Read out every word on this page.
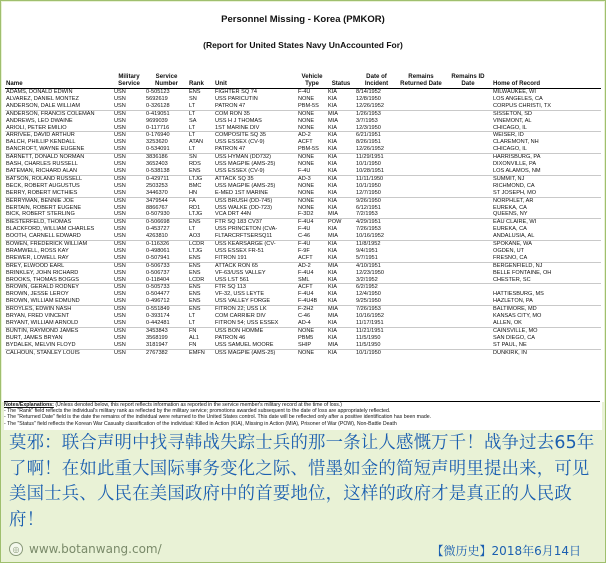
Personnel Missing - Korea (PMKOR)
(Report for United States Navy UnAccounted For)
Name	Military Service	Service Number	Rank	Unit	Vehicle Type	Status	Date of Incident	Remains Returned Date	Remains ID Date	Home of Record
ADAMS, DONALD EDWIN	USN	0-505123	ENS	FIGHTER SQ 74	F-4U	KIA	8/14/1952			MILWAUKEE, WI
ALVAREZ, DANIEL MONTEZ	USN	5692619	SN	USS PARICUTIN	NONE	KIA	12/8/1950			LOS ANGELES, CA
ANDERSON, DALE WILLIAM	USN	0-326128	LT	PATRON 47	PBM-5S	KIA	12/26/1952			CORPUS CHRISTI, TX
ANDERSON, FRANCIS COLEMAN	USN	0-419051	LT	COM RON 35	NONE	MIA	1/26/1953			SISSETON, SD
ANDREWS, LEO DWAINE	USN	9699039	SA	USS H J THOMAS	NONE	MIA	3/7/1953			VINEMONT, AL
ARIOLI, PETER EMILIO	USN	0-117716	LT	1ST MARINE DIV	NONE	KIA	12/3/1950			CHICAGO, IL
ARRIVEE, DAVID ARTHUR	USN	0-176940	LT	COMPOSITE SQ 35	AD-2	KIA	6/21/1951			WEISER, ID
BALCH, PHILLIP KENDALL	USN	3253620	ATAN	USS ESSEX (CV-9)	ACFT	KIA	8/26/1951			CLAREMONT, NH
BANCROFT, WAYNE EUGENE	USN	0-534091	LT	PATRON 47	PBM-5S	KIA	12/26/1952			CHICAGO, IL
BARNETT, DONALD NORMAN	USN	3836186	SN	USS HYMAN (DD732)	NONE	KIA	11/29/1951			HARRISBURG, PA
BASH, CHARLES RUSSELL	USN	3652403	RDS	USS MAGPIE (AMS-25)	NONE	KIA	10/1/1950			DIXONVILLE, PA
BATEMAN, RICHARD ALAN	USN	0-538138	ENS	USS ESSEX (CV-9)	F-4U	KIA	10/28/1951			LOS ALAMOS, NM
BATSON, ROLAND RUSSELL	USN	0-429711	LTJG	ATTACK SQ 35	AD-3	KIA	11/11/1950			SUMMIT, NJ
BECK, ROBERT AUGUSTUS	USN	2503253	BMC	USS MAGPIE (AMS-25)	NONE	KIA	10/1/1950			RICHMOND, CA
BERRY, ROBERT MCTHIES	USN	3446370	HN	E-MED 1ST MARINE	NONE	KIA	12/7/1950			ST JOSEPH, MO
BERRYMAN, BENNIE JOE	USN	3479544	FA	USS BRUSH (DD-745)	NONE	KIA	9/26/1950			NORPHLET, AR
BERTAIN, ROBERT EUGENE	USN	8866767	RD1	USS WALKE (DD-723)	NONE	KIA	6/12/1951			EUREKA, CA
BICK, ROBERT STERLING	USN	0-507930	LTJG	VCA DRT 44N	F-3D2	MIA	7/2/1953			QUEENS, NY
BIESTERFELD, THOMAS	USN	0-506698	ENS	FTR SQ 183 CV37	F-4U4	POW	4/29/1951			EAU CLAIRE, WI
BLACKFORD, WILLIAM CHARLES	USN	0-453727	LT	USS PRINCETON (CVA-	F-4U	KIA	7/26/1953			EUREKA, CA
BOOTH, CARNELL EDWARD	USN	4263810	AO3	FLTARCRFTSERSQ11	C-46	MIA	10/16/1952			ANDALUSIA, AL
BOWEN, FREDERICK WILLIAM	USN	0-116326	LCDR	USS KEARSARGE (CV-	F-4U	KIA	11/8/1952			SPOKANE, WA
BRAMWELL, ROSS KAY	USN	0-498061	LTJG	USS ESSEX FR-51	F-9F	KIA	9/4/1951			OGDEN, UT
BREWER, LOWELL RAY	USN	0-507941	ENS	FITRON 191	ACFT	KIA	5/7/1951			FRESNO, CA
BREY, ELWOOD EARL	USN	0-506733	ENS	ATTACK RON 65	AD-2	MIA	4/10/1951			BERGENFIELD, NJ
BRINKLEY, JOHN RICHARD	USN	0-506737	ENS	VF-63/USS VALLEY	F-4U4	KIA	12/23/1950			BELLE FONTAINE, OH
BROOKS, THOMAS BOGGS	USN	0-118404	LCDR	USS LST 561	SML	KIA	3/2/1952			CHESTER, SC
BROWN, GERALD RODNEY	USN	0-505733	ENS	FTR SQ 113	ACFT	KIA	6/2/1952			
BROWN, JESSE LEROY	USN	0-504477	ENS	VF-32, USS LEYTE	F-4U4	KIA	12/4/1950			HATTIESBURG, MS
BROWN, WILLIAM EDMUND	USN	0-496712	ENS	USS VALLEY FORGE	F-4U4B	KIA	9/25/1950			HAZLETON, PA
BROYLES, EDWIN NASH	USN	0-551849	ENS	FITRON 22; USS LK	F-2H2	MIA	7/26/1953			BALTIMORE, MD
BRYAN, FRED VINCENT	USN	0-393174	LT	COM CARRIER DIV	C-46	MIA	10/16/1952			KANSAS CITY, MO
BRYANT, WILLIAM ARNOLD	USN	0-442481	LT	FITRON 54; USS ESSEX	AD-4	KIA	11/17/1951			ALLEN, OK
BUNTIN, RAYMOND JAMES	USN	3453843	FN	USS BON HOMME	NONE	KIA	11/21/1951			CAINSVILLE, MO
BURT, JAMES BRYAN	USN	3568199	AL1	PATRON 46	PBM5	KIA	11/5/1950			SAN DIEGO, CA
BYDALEK, MELVIN FLOYD	USN	3181947	FN	USS SAMUEL MOORE	SHIP	MIA	11/5/1950			ST PAUL, NE
CALHOUN, STANLEY LOUIS	USN	2767382	EMFN	USS MAGPIE (AMS-25)	NONE	KIA	10/1/1950			DUNKIRK, IN
Notes/Explanations: (Unless denoted below, this report reflects information as reported in the service member's military record at the time of loss.)
- The "Rank" field reflects the individual's military rank as reflected by the military service; promotions awarded subsequent to the date of loss are appropriately reflected.
- The "Returned Date" field is the date the remains of the individual were returned to the United States control. This date will be reflected only after a positive identification has been made.
- The "Status" field reflects the Korean War Casualty classification of the individual: Killed in Action (KIA), Missing in Action (MIA), Prisoner of War (POW), Non-Battle Death
莫邪：联合声明中找寻韩战失踪士兵的那一条让人感慨万千！战争过去65年了啊！在如此重大国际事务变化之际、惜墨如金的简短声明里提出来，可见美国士兵、人民在美国政府中的首要地位，这样的政府才是真正的人民政府！
◎ www.botanwang.com/	【微历史】2018年6月14日
